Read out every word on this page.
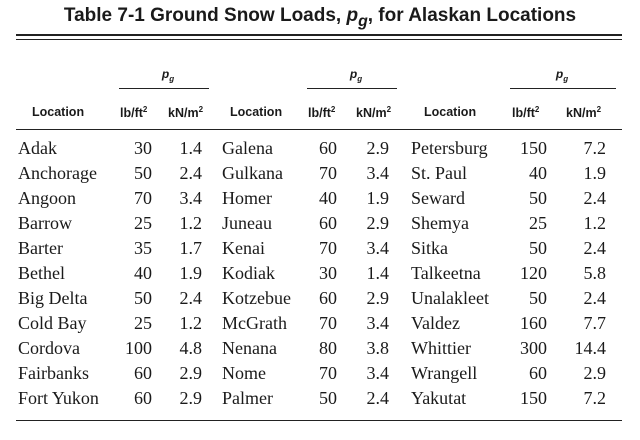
Table 7-1 Ground Snow Loads, $p_g$, for Alaskan Locations
$p_g$	$p_g$	$p_g$
Location	$lb/ft^2$ $kN/m^2$ Location $lb/ft^2$ $kN/m^2$	Location	$lb/ft^2$ $kN/m^2$
Adak	30 1.4 Galena	60 2.9 Petersburg 150 7.2
Anchorage 50 2.4 Gulkana 70 3.4 St. Paul	40 1.9
Angoon	70 3.4 Homer	40 1.9 Seward	50 2.4
Barrow	25 1.2 Juneau	60 2.9 Shemya	25 1.2
Barter	35 1.7 Kenai	70 3.4 Sitka	50 2.4
Bethel	40 1.9 Kodiak 30 1.4 Talkeetna 120 5.8
Big Delta	50 2.4 Kotzebue 60 2.9 Unalakleet 50 2.4
Cold Bay	25 1.2 McGrath 70 3.4 Valdez	160 7.7
Cordova	100 4.8 Nenana 80 3.8 Whittier	300 14.4
Fairbanks	60 2.9 Nome	70 3.4 Wrangell	60 2.9
Fort Yukon 60 2.9 Palmer	50 2.4 Yakutat	150 7.2
